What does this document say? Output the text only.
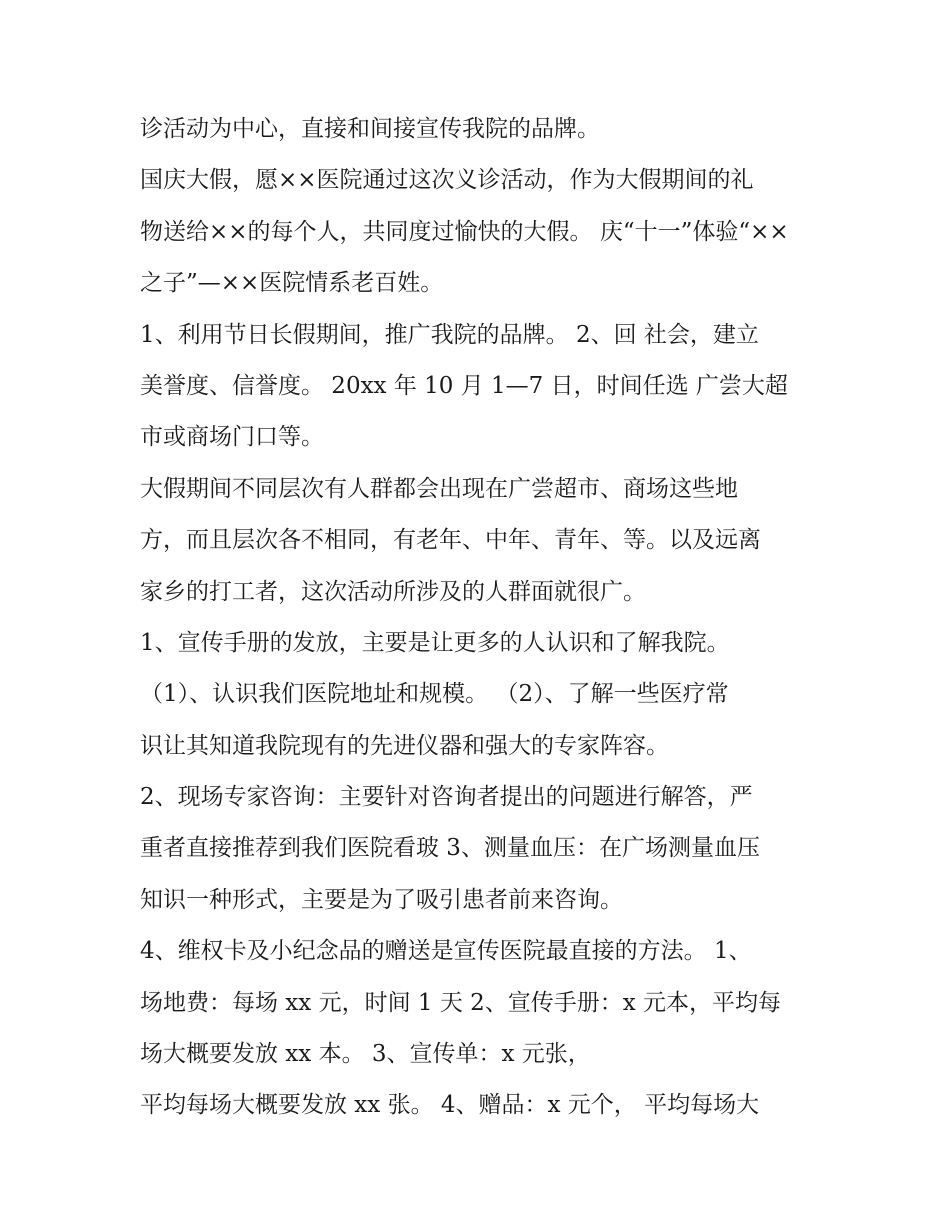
诊活动为中心，直接和间接宣传我院的品牌。
国庆大假，愿××医院通过这次义诊活动，作为大假期间的礼
物送给××的每个人，共同度过愉快的大假。 庆“十一”体验“××
之子”—××医院情系老百姓。
1、利用节日长假期间，推广我院的品牌。 2、回 社会，建立
美誉度、信誉度。 20xx 年 10 月 1—7 日，时间任选 广尝大超
市或商场门口等。
大假期间不同层次有人群都会出现在广尝超市、商场这些地
方，而且层次各不相同，有老年、中年、青年、等。以及远离
家乡的打工者，这次活动所涉及的人群面就很广。
1、宣传手册的发放，主要是让更多的人认识和了解我院。
（1）、认识我们医院地址和规模。 （2）、了解一些医疗常
识让其知道我院现有的先进仪器和强大的专家阵容。
2、现场专家咨询：主要针对咨询者提出的问题进行解答，严
重者直接推荐到我们医院看玻 3、测量血压：在广场测量血压
知识一种形式，主要是为了吸引患者前来咨询。
4、维权卡及小纪念品的赠送是宣传医院最直接的方法。 1、
场地费：每场 xx 元，时间 1 天 2、宣传手册：x 元本，平均每
场大概要发放 xx 本。 3、宣传单：x 元张，
平均每场大概要发放 xx 张。 4、赠品：x 元个， 平均每场大
